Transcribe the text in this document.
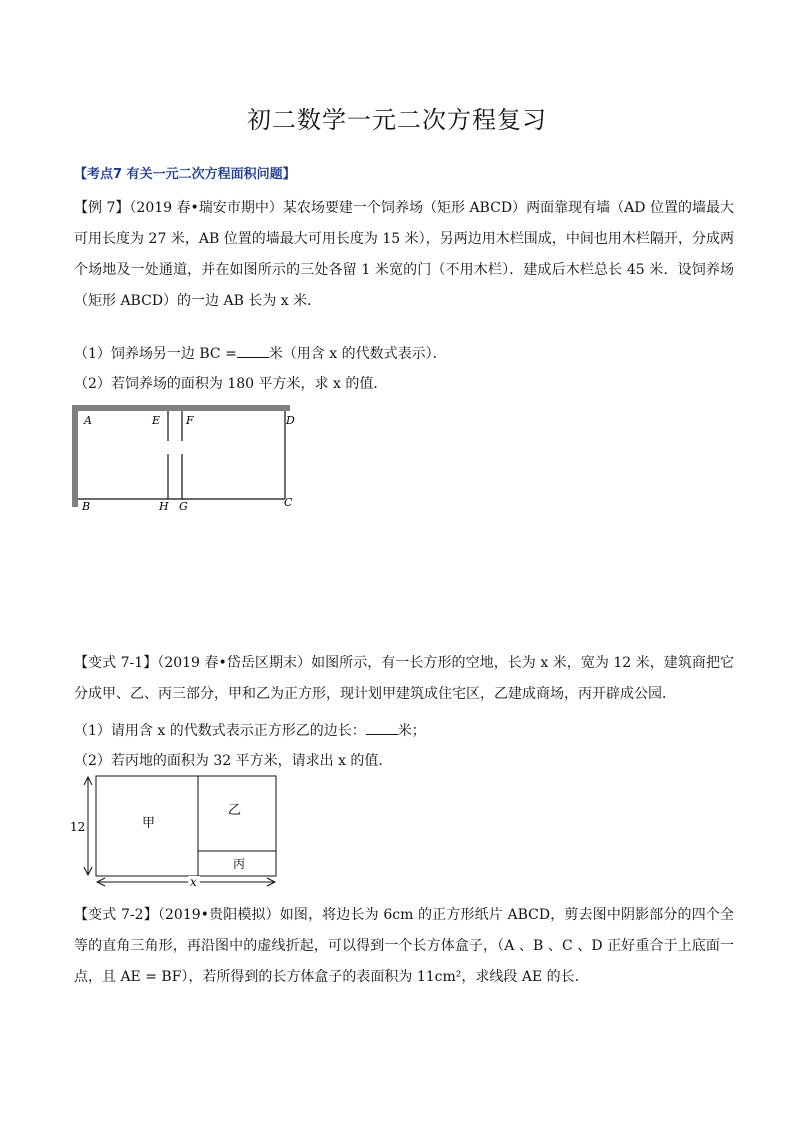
初二数学一元二次方程复习
【考点7 有关一元二次方程面积问题】
【例 7】（2019 春•瑞安市期中）某农场要建一个饲养场（矩形 ABCD）两面靠现有墙（AD 位置的墙最大可用长度为 27 米，AB 位置的墙最大可用长度为 15 米），另两边用木栏围成，中间也用木栏隔开，分成两个场地及一处通道，并在如图所示的三处各留 1 米宽的门（不用木栏）．建成后木栏总长 45 米．设饲养场（矩形 ABCD）的一边 AB 长为 x 米．
（1）饲养场另一边 BC = 米（用含 x 的代数式表示）．
（2）若饲养场的面积为 180 平方米，求 x 的值．
A	E F	D
B	H G	C
【变式 7-1】（2019 春•岱岳区期末）如图所示，有一长方形的空地，长为 x 米，宽为 12 米，建筑商把它分成甲、乙、丙三部分，甲和乙为正方形，现计划甲建筑成住宅区，乙建成商场，丙开辟成公园．
（1）请用含 x 的代数式表示正方形乙的边长： 米；
（2）若丙地的面积为 32 平方米，请求出 x 的值．
甲
乙
丙
12
x
【变式 7-2】（2019•贵阳模拟）如图，将边长为 6cm 的正方形纸片 ABCD，剪去图中阴影部分的四个全等的直角三角形，再沿图中的虚线折起，可以得到一个长方体盒子，（A 、B 、C 、D 正好重合于上底面一点，且 AE = BF），若所得到的长方体盒子的表面积为 11cm²，求线段 AE 的长．
